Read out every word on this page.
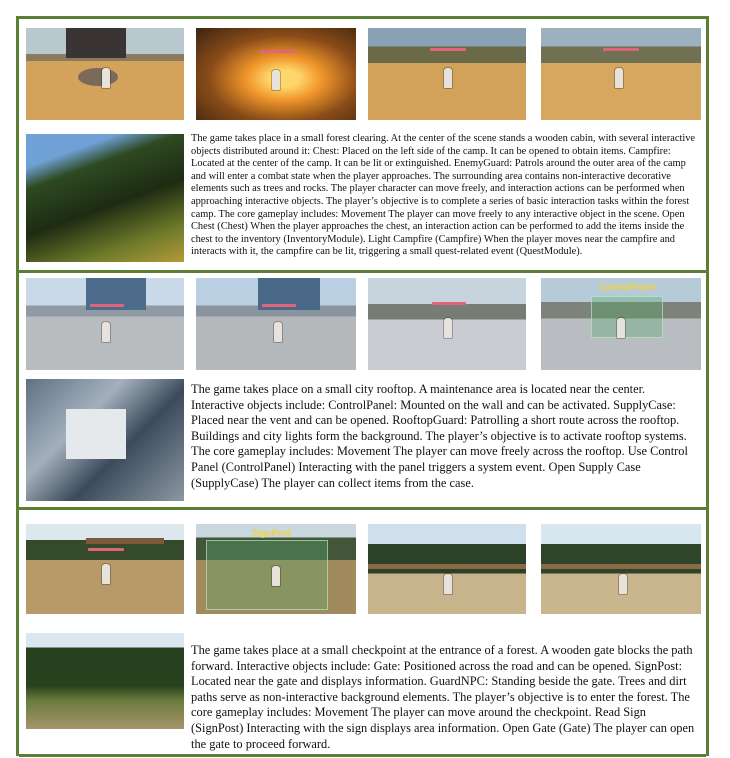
The game takes place in a small forest clearing. At the center of the scene stands a wooden cabin, with several interactive objects distributed around it: Chest: Placed on the left side of the camp. It can be opened to obtain items. Campfire: Located at the center of the camp. It can be lit or extinguished. EnemyGuard: Patrols around the outer area of the camp and will enter a combat state when the player approaches. The surrounding area contains non-interactive decorative elements such as trees and rocks. The player character can move freely, and interaction actions can be performed when approaching interactive objects. The player’s objective is to complete a series of basic interaction tasks within the forest camp. The core gameplay includes: Movement The player can move freely to any interactive object in the scene. Open Chest (Chest) When the player approaches the chest, an interaction action can be performed to add the items inside the chest to the inventory (InventoryModule). Light Campfire (Campfire) When the player moves near the campfire and interacts with it, the campfire can be lit, triggering a small quest-related event (QuestModule).
ControlPanel
The game takes place on a small city rooftop. A maintenance area is located near the center. Interactive objects include: ControlPanel: Mounted on the wall and can be activated. SupplyCase: Placed near the vent and can be opened. RooftopGuard: Patrolling a short route across the rooftop. Buildings and city lights form the background. The player’s objective is to activate rooftop systems. The core gameplay includes: Movement The player can move freely across the rooftop. Use Control Panel (ControlPanel) Interacting with the panel triggers a system event. Open Supply Case (SupplyCase) The player can collect items from the case.
SignPost
The game takes place at a small checkpoint at the entrance of a forest. A wooden gate blocks the path forward. Interactive objects include: Gate: Positioned across the road and can be opened. SignPost: Located near the gate and displays information. GuardNPC: Standing beside the gate. Trees and dirt paths serve as non-interactive background elements. The player’s objective is to enter the forest. The core gameplay includes: Movement The player can move around the checkpoint. Read Sign (SignPost) Interacting with the sign displays area information. Open Gate (Gate) The player can open the gate to proceed forward.
